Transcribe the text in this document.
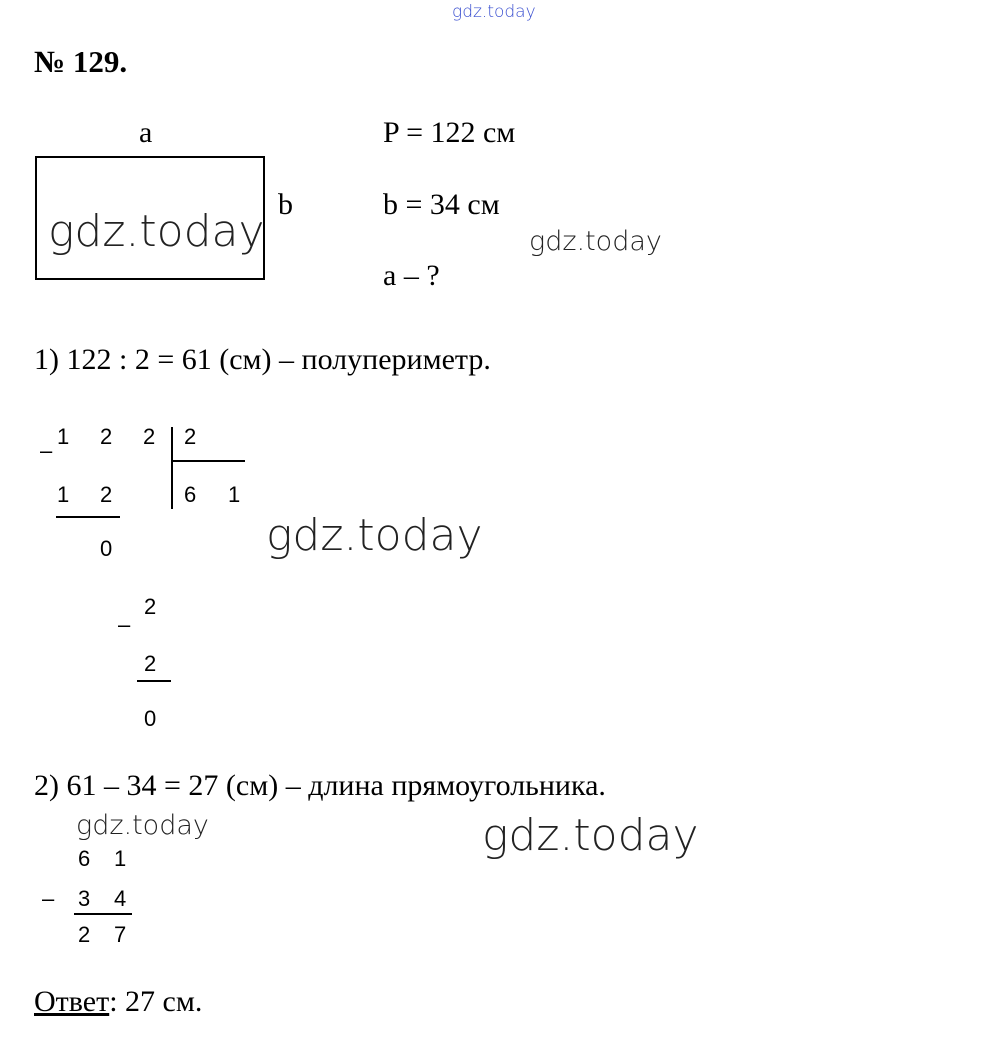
gdz.today
№ 129.
a
b
gdz.today
P = 122 см
b = 34 см
a – ?
gdz.today
1) 122 : 2 = 61 (см) – полупериметр.
–
1 2 2 2
6 1
1 2
0
–
2
2
0
gdz.today
2) 61 – 34 = 27 (см) – длина прямоугольника.
gdz.today	gdz.today
6 1
– 3 4
2 7
Ответ: 27 см.
